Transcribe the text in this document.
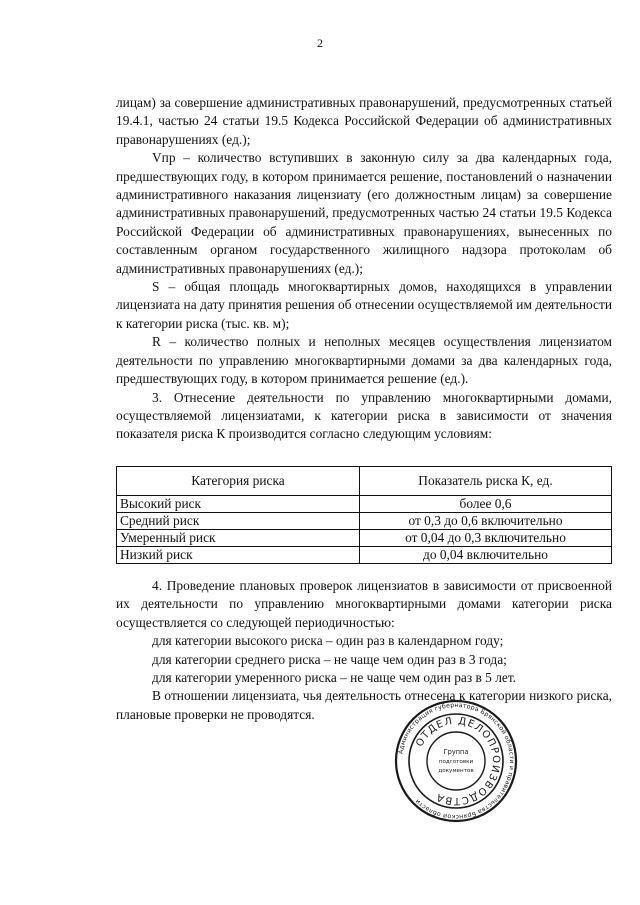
2

лицам) за совершение административных правонарушений, предусмотренных статьей 19.4.1, частью 24 статьи 19.5 Кодекса Российской Федерации об административных правонарушениях (ед.);

Vпр – количество вступивших в законную силу за два календарных года, предшествующих году, в котором принимается решение, постановлений о назначении административного наказания лицензиату (его должностным лицам) за совершение административных правонарушений, предусмотренных частью 24 статьи 19.5 Кодекса Российской Федерации об административных правонарушениях, вынесенных по составленным органом государственного жилищного надзора протоколам об административных правонарушениях (ед.);

S – общая площадь многоквартирных домов, находящихся в управлении лицензиата на дату принятия решения об отнесении осуществляемой им деятельности к категории риска (тыс. кв. м);

R – количество полных и неполных месяцев осуществления лицензиатом деятельности по управлению многоквартирными домами за два календарных года, предшествующих году, в котором принимается решение (ед.).

3. Отнесение деятельности по управлению многоквартирными домами, осуществляемой лицензиатами, к категории риска в зависимости от значения показателя риска К производится согласно следующим условиям:

Категория риска	Показатель риска К, ед.
Высокий риск	более 0,6
Средний риск	от 0,3 до 0,6 включительно
Умеренный риск	от 0,04 до 0,3 включительно
Низкий риск	до 0,04 включительно

4. Проведение плановых проверок лицензиатов в зависимости от присвоенной их деятельности по управлению многоквартирными домами категории риска осуществляется со следующей периодичностью:

для категории высокого риска – один раз в календарном году;

для категории среднего риска – не чаще чем один раз в 3 года;

для категории умеренного риска – не чаще чем один раз в 5 лет.

В отношении лицензиата, чья деятельность отнесена к категории низкого риска, плановые проверки не проводятся.

Администрация губернатора Брянской области и правительства Брянской области
ОТДЕЛ ДЕЛОПРОИЗВОДСТВА
Группа
подготовки
документов
